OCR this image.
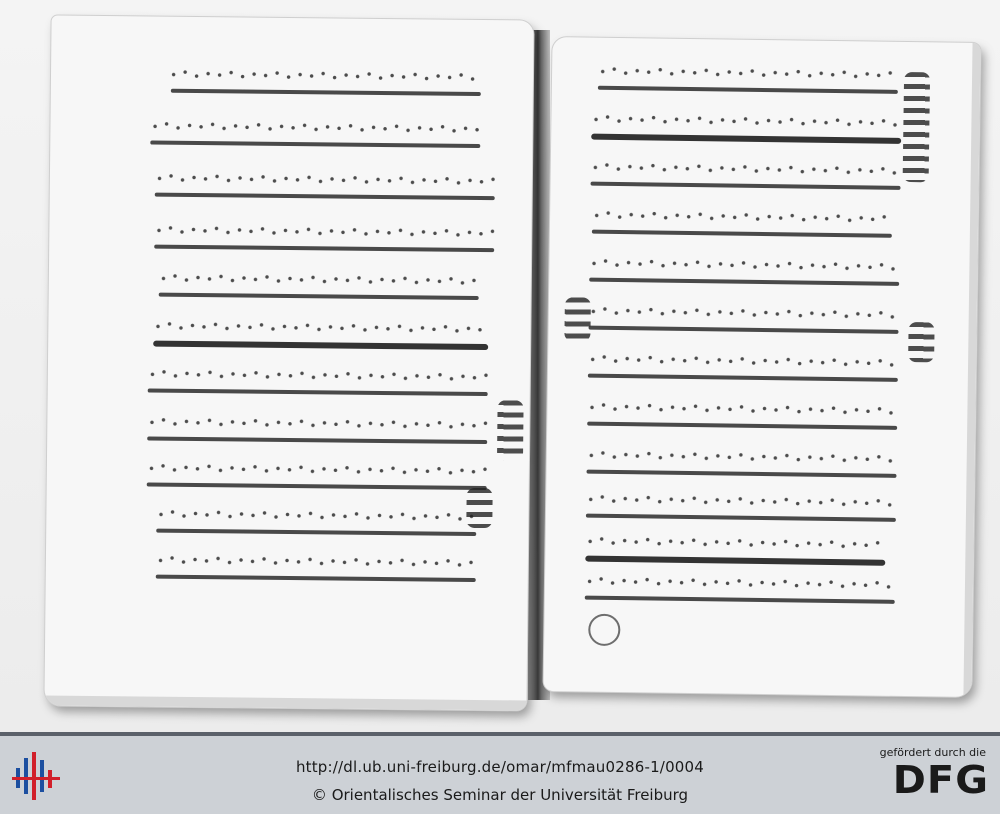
http://dl.ub.uni-freiburg.de/omar/mfmau0286-1/0004
© Orientalisches Seminar der Universität Freiburg
gefördert durch die
DFG
